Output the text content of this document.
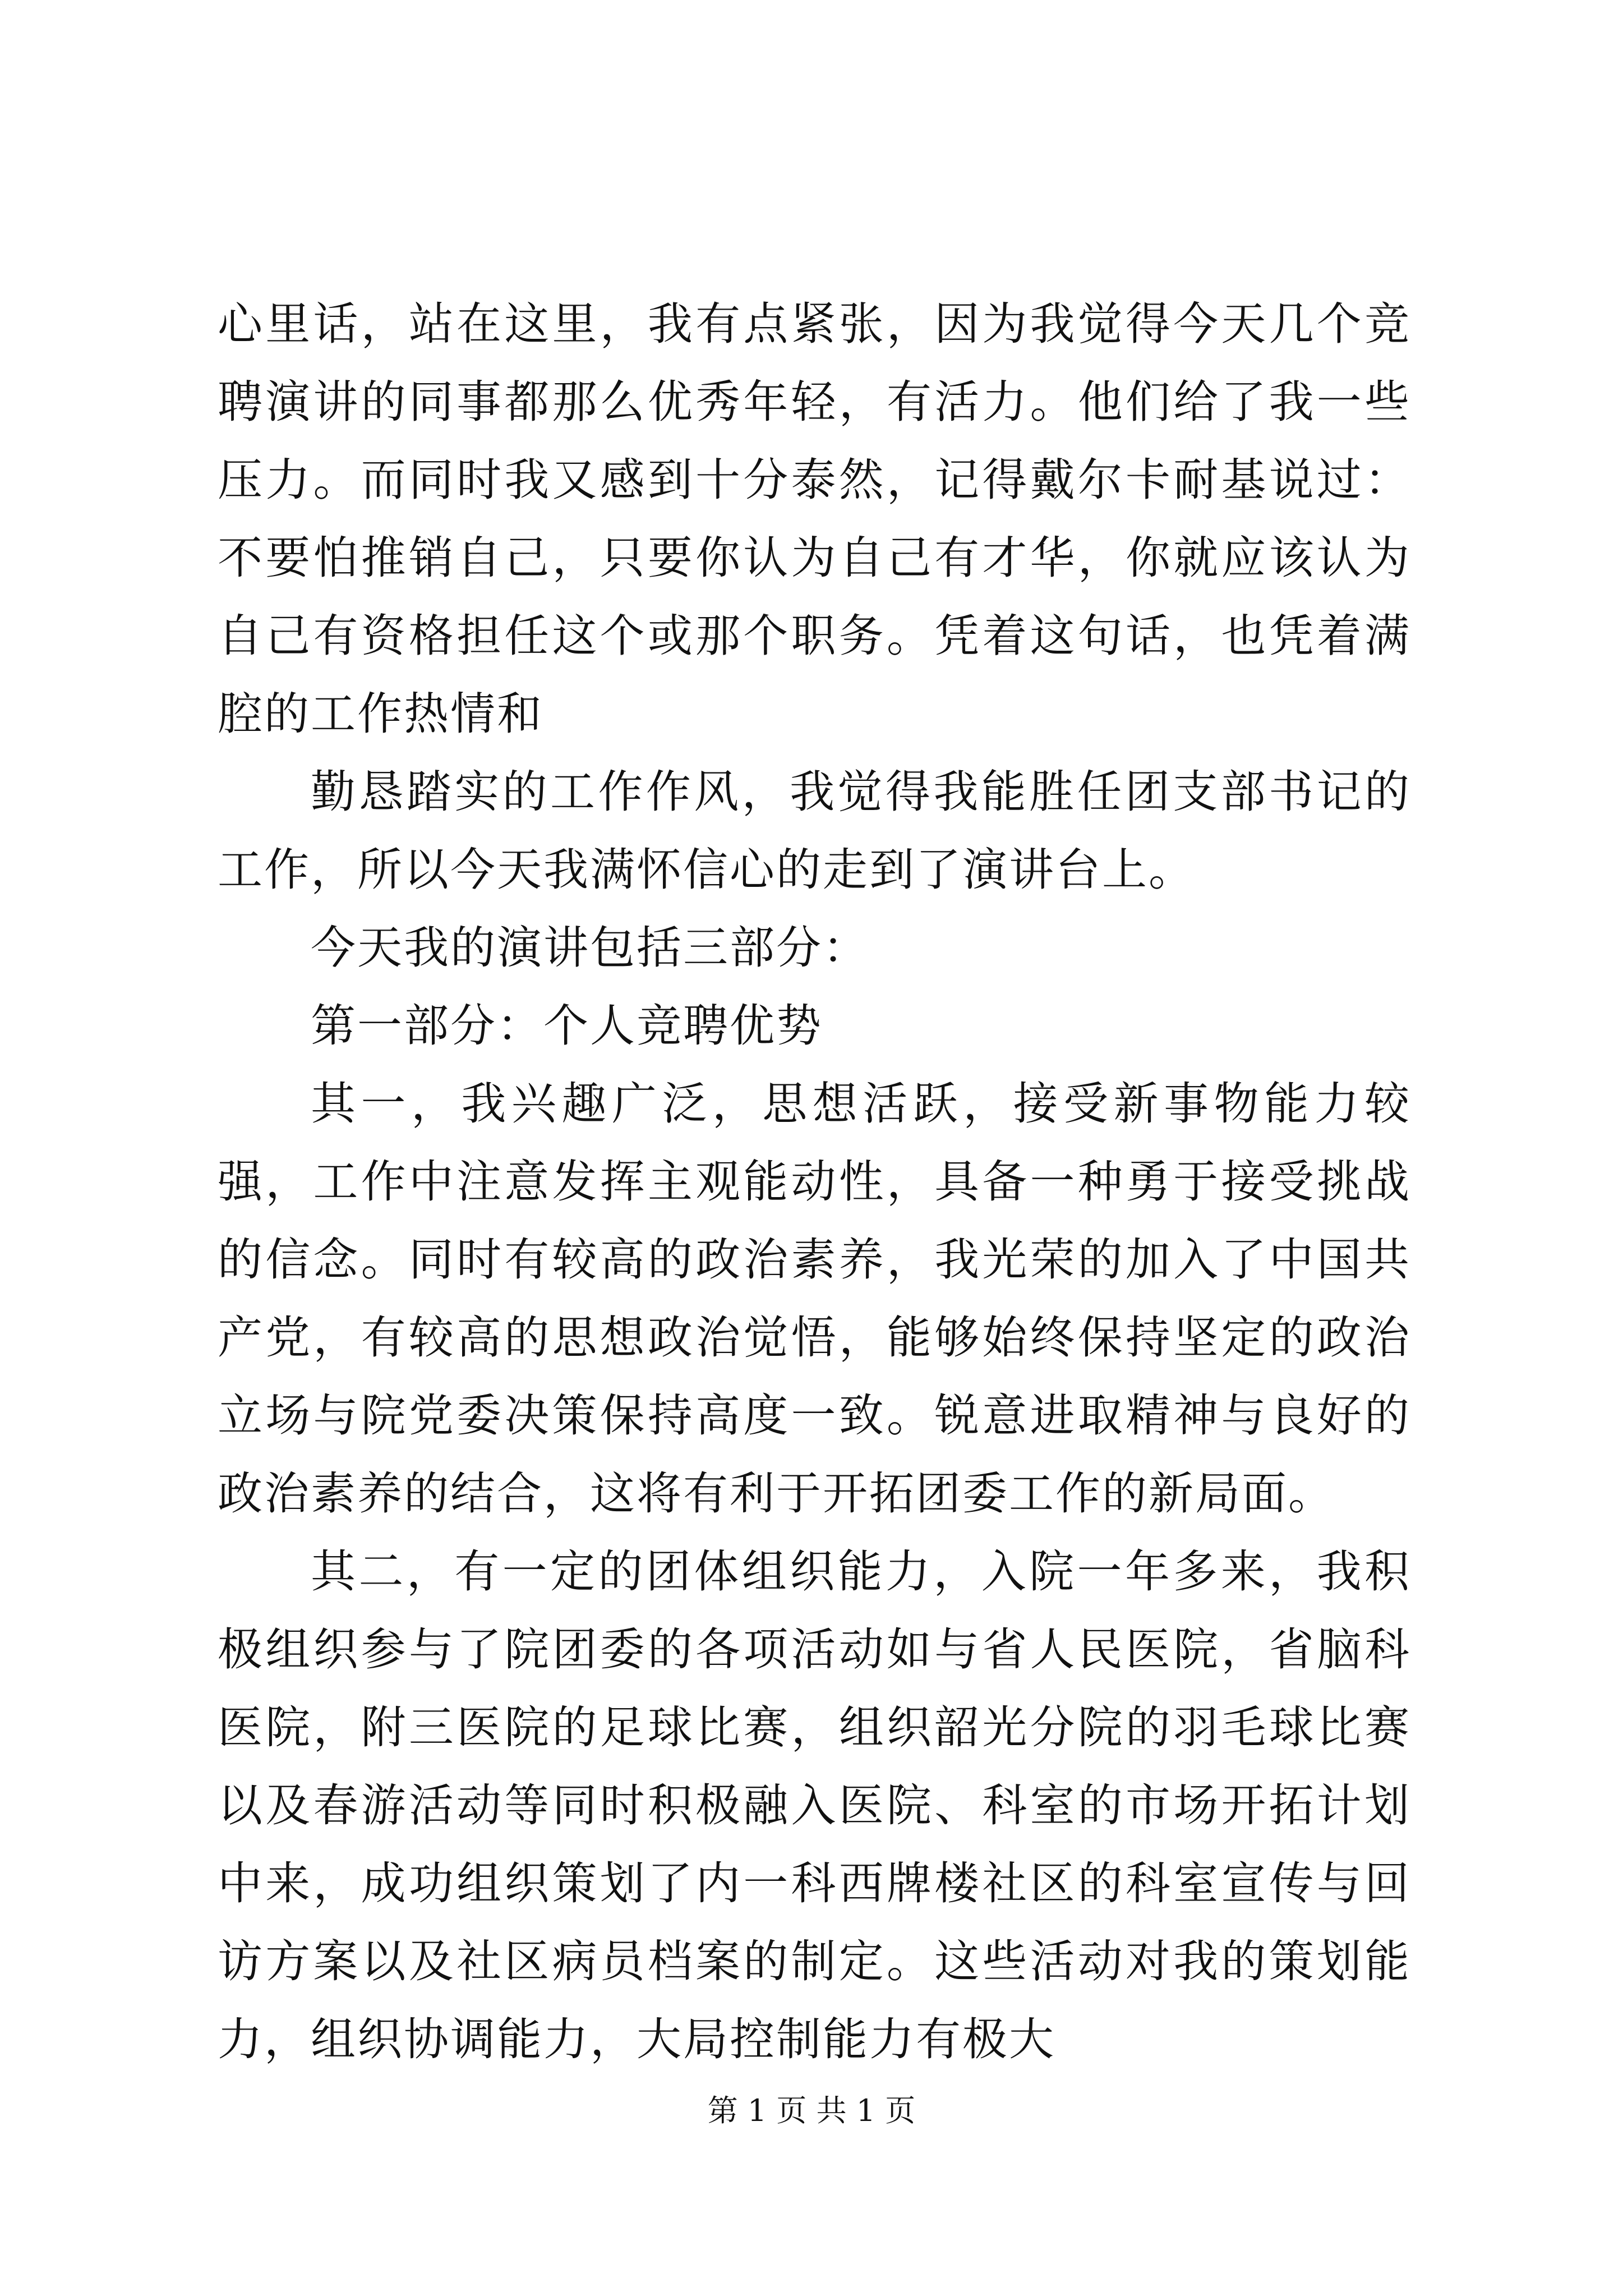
心里话，站在这里，我有点紧张，因为我觉得今天几个竞聘演讲的同事都那么优秀年轻，有活力。他们给了我一些压力。而同时我又感到十分泰然，记得戴尔卡耐基说过：不要怕推销自己，只要你认为自己有才华，你就应该认为自己有资格担任这个或那个职务。凭着这句话，也凭着满腔的工作热情和

勤恳踏实的工作作风，我觉得我能胜任团支部书记的工作，所以今天我满怀信心的走到了演讲台上。

今天我的演讲包括三部分：

第一部分：个人竞聘优势

其一，我兴趣广泛，思想活跃，接受新事物能力较强，工作中注意发挥主观能动性，具备一种勇于接受挑战的信念。同时有较高的政治素养，我光荣的加入了中国共产党，有较高的思想政治觉悟，能够始终保持坚定的政治立场与院党委决策保持高度一致。锐意进取精神与良好的政治素养的结合，这将有利于开拓团委工作的新局面。

其二，有一定的团体组织能力，入院一年多来，我积极组织参与了院团委的各项活动如与省人民医院，省脑科医院，附三医院的足球比赛，组织韶光分院的羽毛球比赛以及春游活动等同时积极融入医院、科室的市场开拓计划中来，成功组织策划了内一科西牌楼社区的科室宣传与回访方案以及社区病员档案的制定。这些活动对我的策划能力，组织协调能力，大局控制能力有极大

第 1 页 共 1 页
